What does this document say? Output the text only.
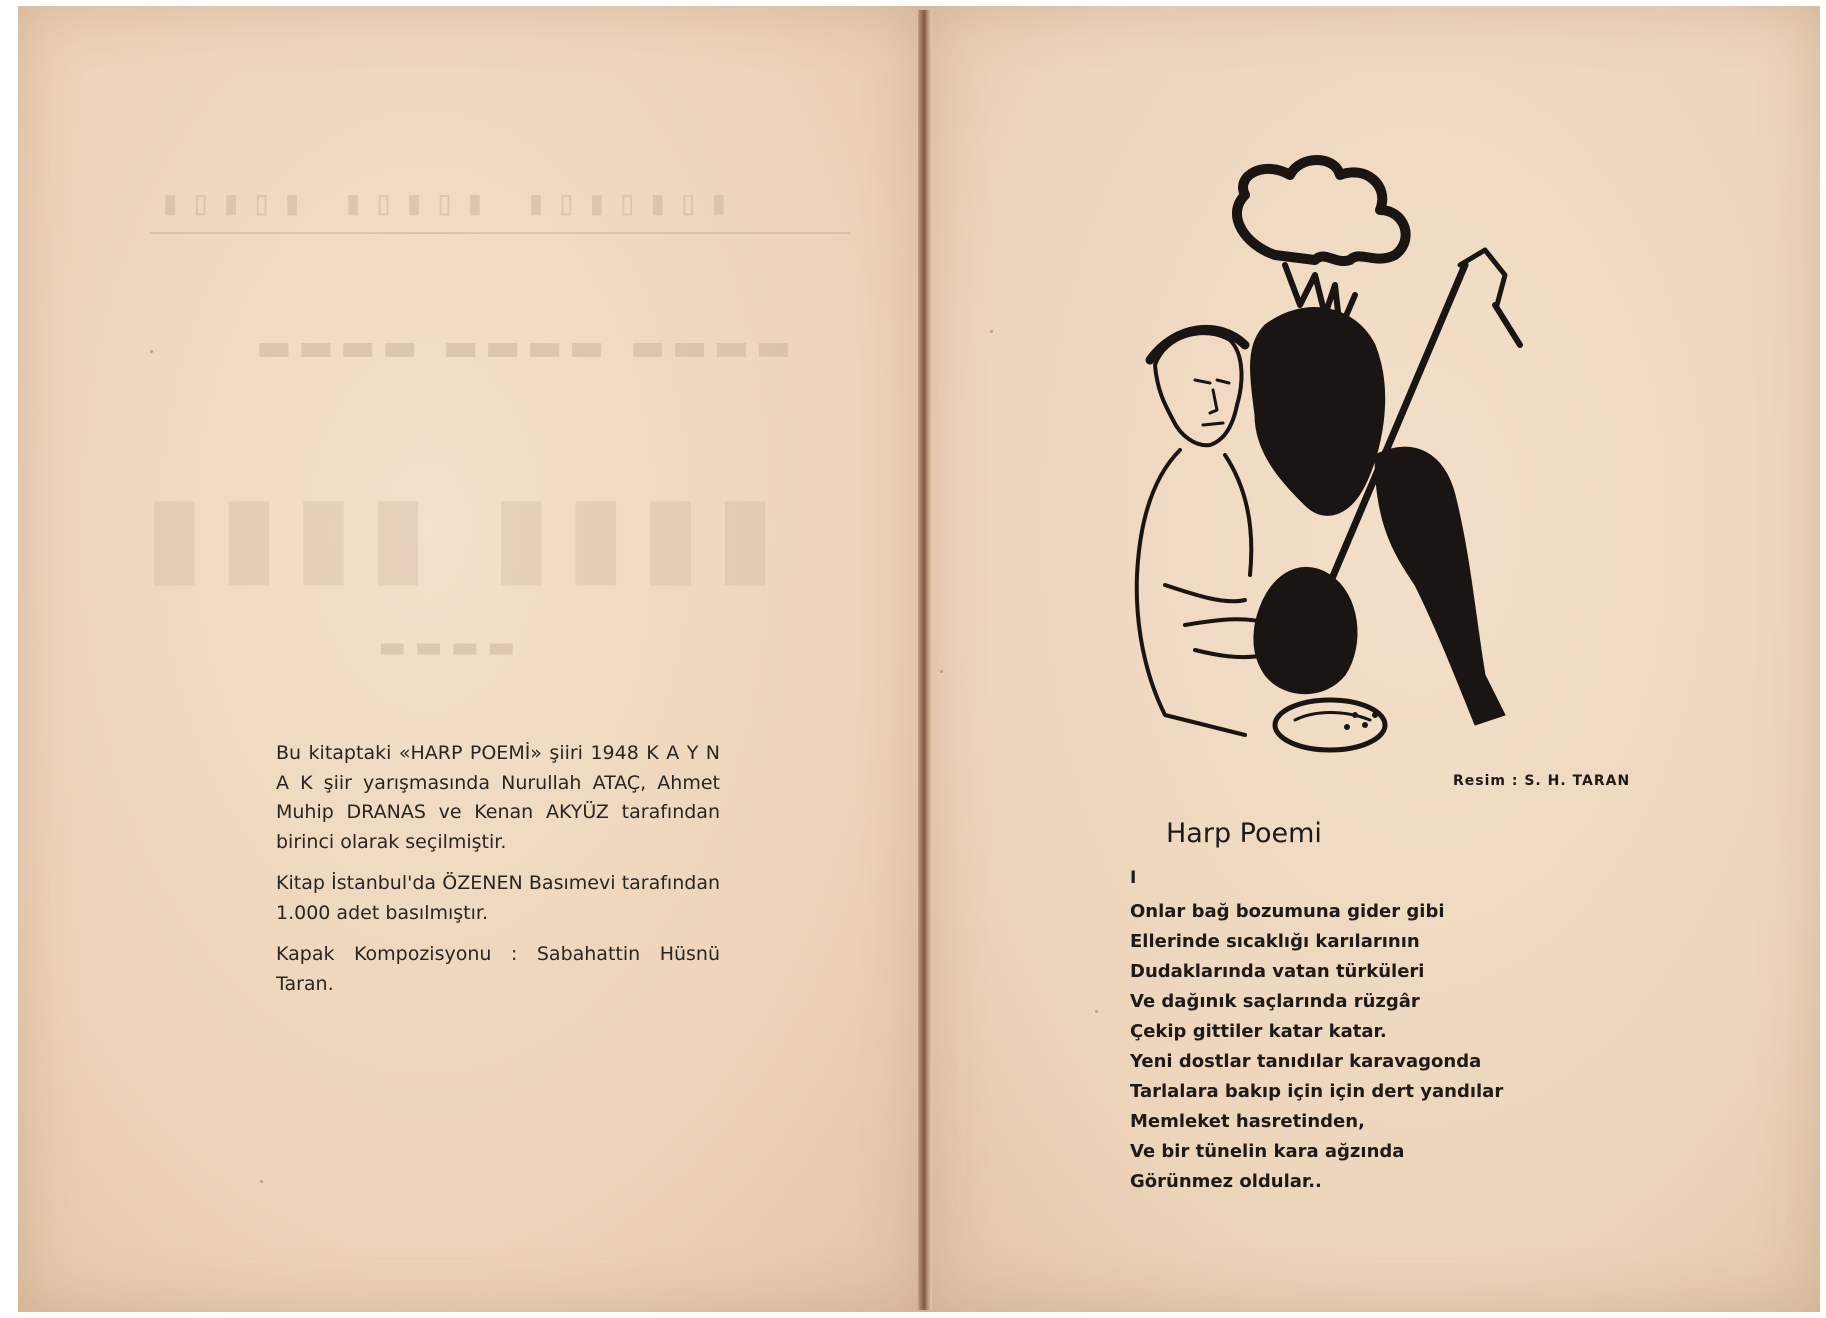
▮▯▮▯▮▯▮ ▮▯▮▯▮ ▮▯▮▯▮
▬▬▬▬ ▬▬▬▬ ▬▬▬▬
▮▮▮▮ ▮▮▮▮
▬▬▬▬

Bu kitaptaki «HARP POEMİ» şiiri 1948 K A Y N A K şiir yarışmasında Nurullah ATAÇ, Ahmet Muhip DRANAS ve Kenan AKYÜZ tarafından birinci olarak seçilmiştir.

Kitap İstanbul'da ÖZENEN Basımevi tarafından 1.000 adet basılmıştır.

Kapak Kompozisyonu : Sabahattin Hüsnü Taran.

Resim : S. H. TARAN
Harp Poemi
I
Onlar bağ bozumuna gider gibi
Ellerinde sıcaklığı karılarının
Dudaklarında vatan türküleri
Ve dağınık saçlarında rüzgâr
Çekip gittiler katar katar.
Yeni dostlar tanıdılar karavagonda
Tarlalara bakıp için için dert yandılar
Memleket hasretinden,
Ve bir tünelin kara ağzında
Görünmez oldular..
